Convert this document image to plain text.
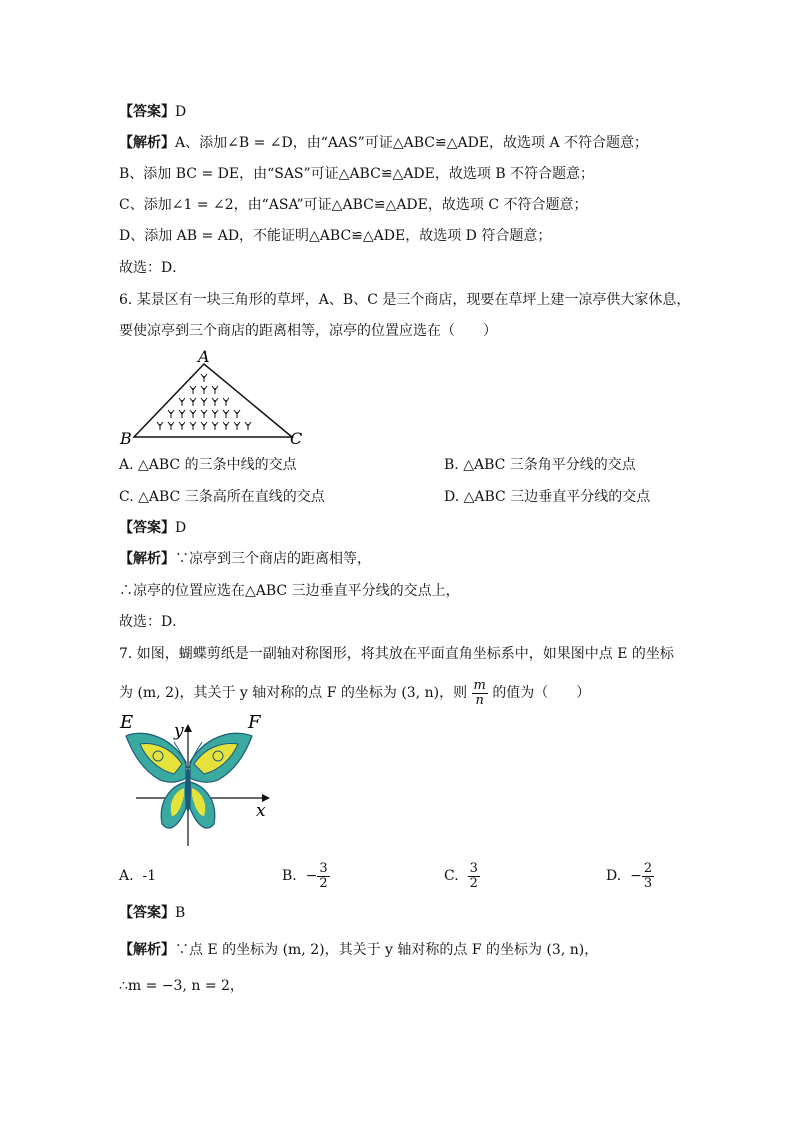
【答案】D
【解析】A、添加∠B = ∠D，由“AAS”可证△ABC≌△ADE，故选项 A 不符合题意；
B、添加 BC = DE，由“SAS”可证△ABC≌△ADE，故选项 B 不符合题意；
C、添加∠1 = ∠2，由“ASA”可证△ABC≌△ADE，故选项 C 不符合题意；
D、添加 AB = AD，不能证明△ABC≌△ADE，故选项 D 符合题意；
故选：D．
6. 某景区有一块三角形的草坪，A、B、C 是三个商店，现要在草坪上建一凉亭供大家休息，
要使凉亭到三个商店的距离相等，凉亭的位置应选在（　　）
A
B	C
A. △ABC 的三条中线的交点	B. △ABC 三条角平分线的交点
C. △ABC 三条高所在直线的交点	D. △ABC 三边垂直平分线的交点
【答案】D
【解析】∵凉亭到三个商店的距离相等，
∴凉亭的位置应选在△ABC 三边垂直平分线的交点上，
故选：D．
7. 如图，蝴蝶剪纸是一副轴对称图形，将其放在平面直角坐标系中，如果图中点 E 的坐标
为 (m, 2)，其关于 y 轴对称的点 F 的坐标为 (3, n)，则 $\frac{m}{n}$ 的值为（　　）
E	F
y
x
A. -1	B. − $\frac{3}{2}$	C. $\frac{3}{2}$	D. − $\frac{2}{3}$
【答案】B
【解析】∵点 E 的坐标为 (m, 2)，其关于 y 轴对称的点 F 的坐标为 (3, n)，
∴m = −3, n = 2，
